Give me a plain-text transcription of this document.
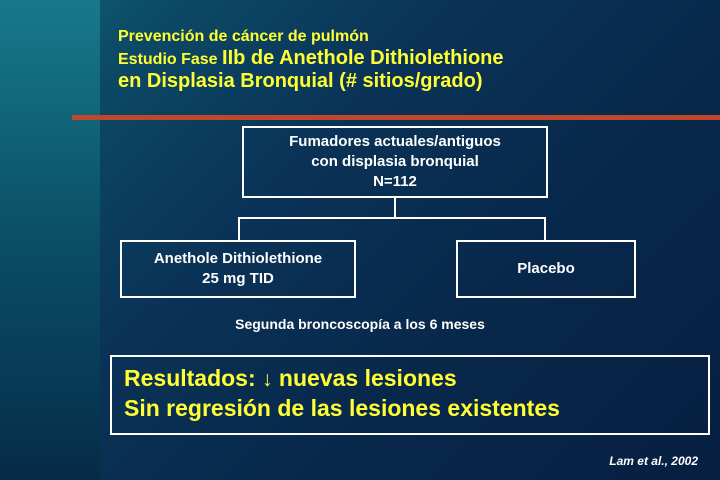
Prevención de cáncer de pulmón
Estudio Fase IIb de Anethole Dithiolethione
en Displasia Bronquial (# sitios/grado)
Fumadores actuales/antiguos
con displasia bronquial
N=112
Anethole Dithiolethione
25 mg TID
Placebo
Segunda broncoscopía a los 6 meses
Resultados: ↓ nuevas lesiones
Sin regresión de las lesiones existentes
Lam et al., 2002
